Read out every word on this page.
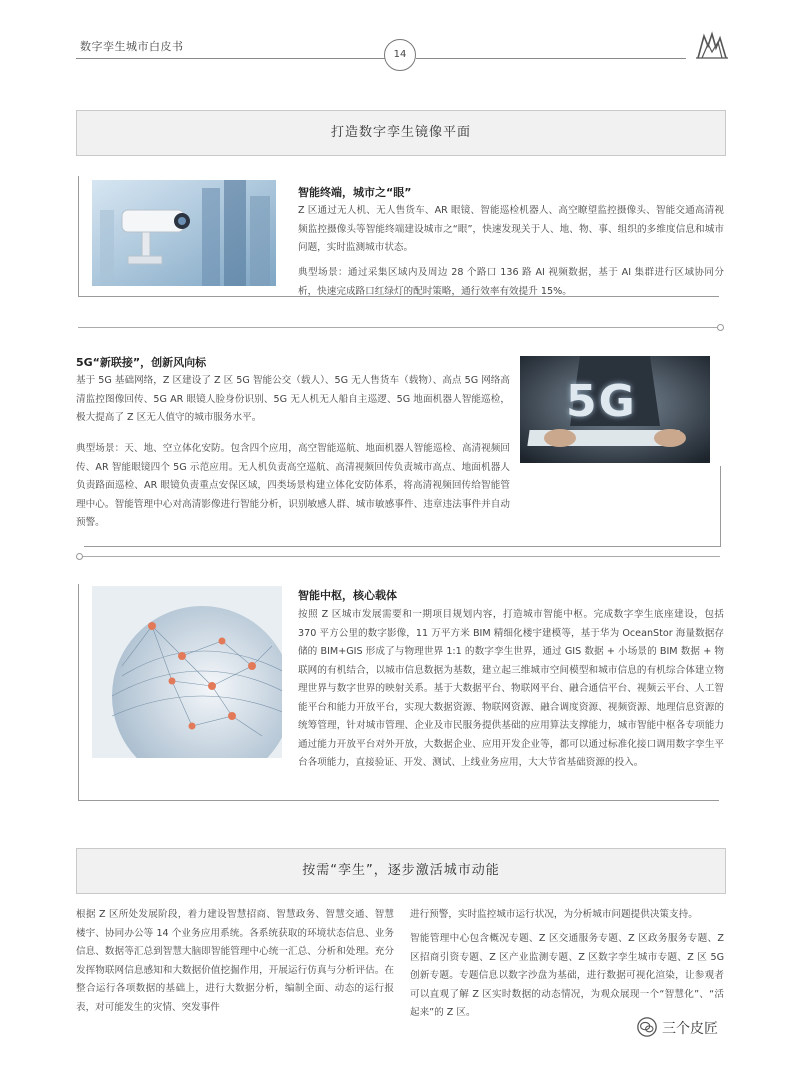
数字孪生城市白皮书
14
打造数字孪生镜像平面
智能终端，城市之“眼”
Z 区通过无人机、无人售货车、AR 眼镜、智能巡检机器人、高空瞭望监控摄像头、智能交通高清视频监控摄像头等智能终端建设城市之“眼”，快速发现关于人、地、物、事、组织的多维度信息和城市问题，实时监测城市状态。
典型场景：通过采集区域内及周边 28 个路口 136 路 AI 视频数据，基于 AI 集群进行区域协同分析，快速完成路口红绿灯的配时策略，通行效率有效提升 15%。
5G“新联接”，创新风向标
基于 5G 基础网络，Z 区建设了 Z 区 5G 智能公交（载人）、5G 无人售货车（载物）、高点 5G 网络高清监控图像回传、5G AR 眼镜人脸身份识别、5G 无人机无人船自主巡逻、5G 地面机器人智能巡检，极大提高了 Z 区无人值守的城市服务水平。
典型场景：天、地、空立体化安防。包含四个应用，高空智能巡航、地面机器人智能巡检、高清视频回传、AR 智能眼镜四个 5G 示范应用。无人机负责高空巡航、高清视频回传负责城市高点、地面机器人负责路面巡检、AR 眼镜负责重点安保区域，四类场景构建立体化安防体系，将高清视频回传给智能管理中心。智能管理中心对高清影像进行智能分析，识别敏感人群、城市敏感事件、违章违法事件并自动预警。
5G
智能中枢，核心载体
按照 Z 区城市发展需要和一期项目规划内容，打造城市智能中枢。完成数字孪生底座建设，包括 370 平方公里的数字影像，11 万平方米 BIM 精细化楼宇建模等，基于华为 OceanStor 海量数据存储的 BIM+GIS 形成了与物理世界 1:1 的数字孪生世界，通过 GIS 数据 + 小场景的 BIM 数据 + 物联网的有机结合，以城市信息数据为基数，建立起三维城市空间模型和城市信息的有机综合体建立物理世界与数字世界的映射关系。基于大数据平台、物联网平台、融合通信平台、视频云平台、人工智能平台和能力开放平台，实现大数据资源、物联网资源、融合调度资源、视频资源、地理信息资源的统筹管理，针对城市管理、企业及市民服务提供基础的应用算法支撑能力，城市智能中枢各专项能力通过能力开放平台对外开放，大数据企业、应用开发企业等，都可以通过标准化接口调用数字孪生平台各项能力，直接验证、开发、测试、上线业务应用，大大节省基础资源的投入。
按需“孪生”，逐步激活城市动能
根据 Z 区所处发展阶段，着力建设智慧招商、智慧政务、智慧交通、智慧楼宇、协同办公等 14 个业务应用系统。各系统获取的环境状态信息、业务信息、数据等汇总到智慧大脑即智能管理中心统一汇总、分析和处理。充分发挥物联网信息感知和大数据价值挖掘作用，开展运行仿真与分析评估。在整合运行各项数据的基础上，进行大数据分析，编制全面、动态的运行报表，对可能发生的灾情、突发事件
进行预警，实时监控城市运行状况，为分析城市问题提供决策支持。
智能管理中心包含概况专题、Z 区交通服务专题、Z 区政务服务专题、Z 区招商引资专题、Z 区产业监测专题、Z 区数字孪生城市专题、Z 区 5G 创新专题。专题信息以数字沙盘为基础，进行数据可视化渲染，让参观者可以直观了解 Z 区实时数据的动态情况，为观众展现一个“智慧化”、“活起来”的 Z 区。
三个皮匠
